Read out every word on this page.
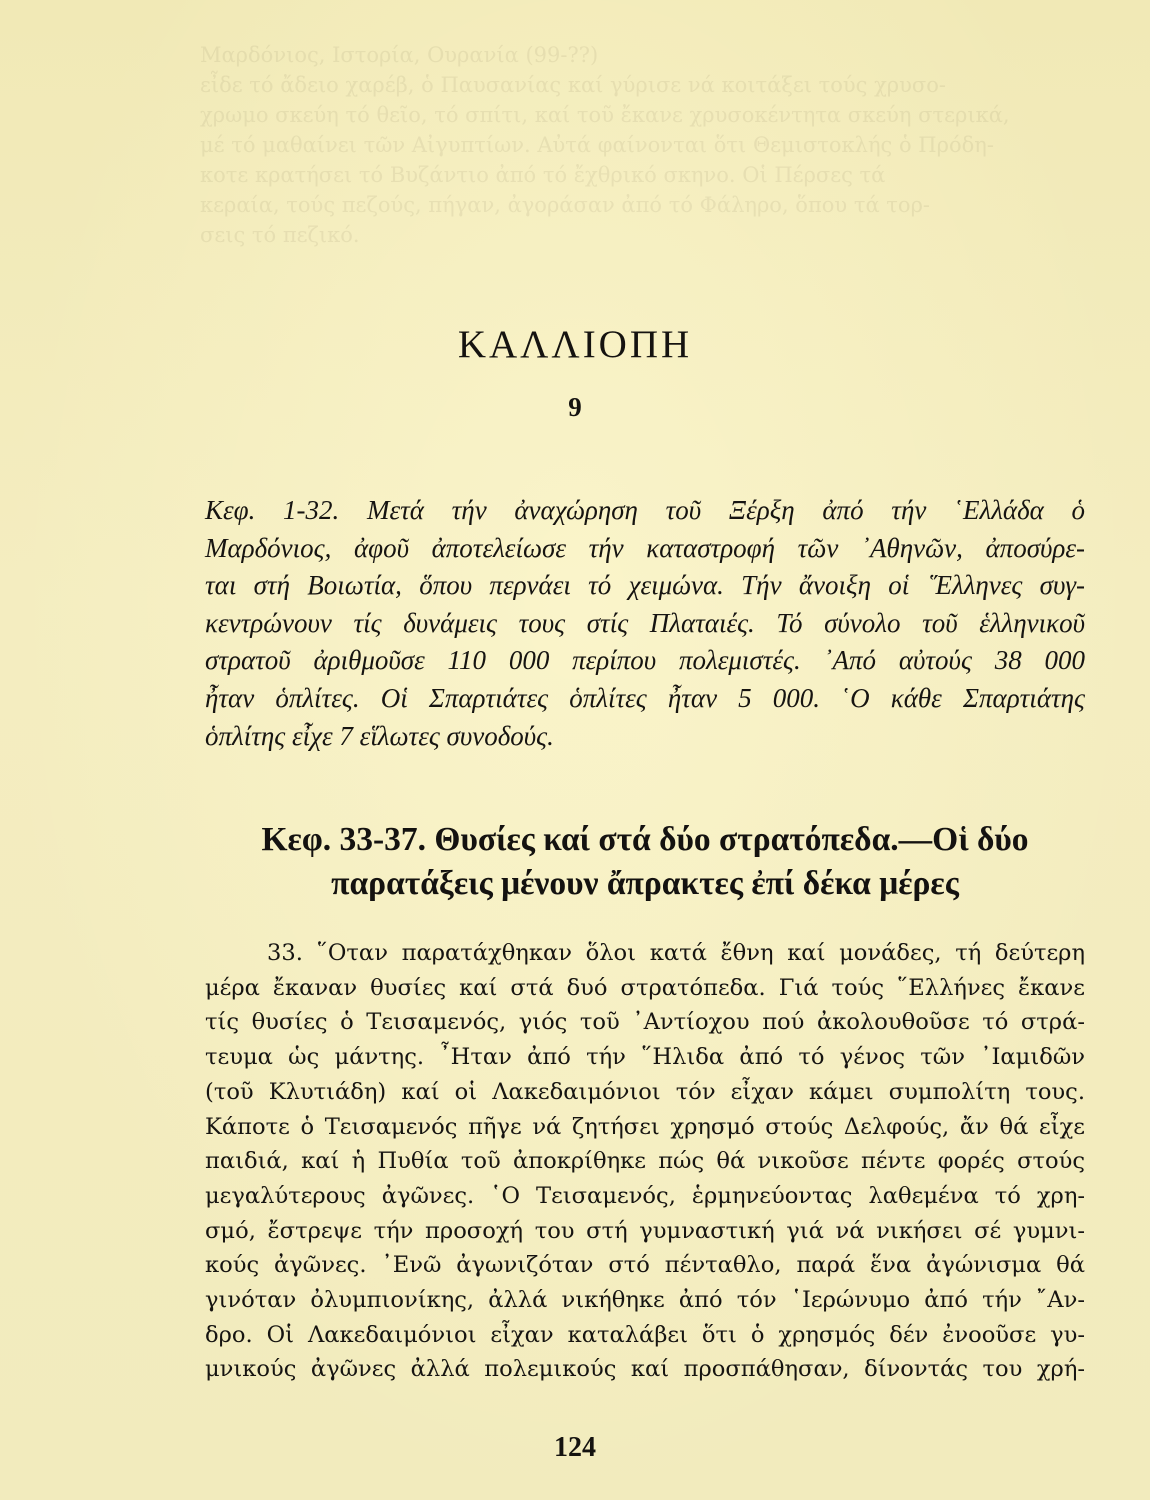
Μαρδόνιος, Ιστορία, Ουρανία (99-??)
εἶδε τό ἄδειο χαρέβ, ὁ Παυσανίας καί γύρισε νά κοιτάξει τούς χρυσο-
χρωμο σκεύη τό θεῖο, τό σπίτι, καί τοῦ ἔκανε χρυσοκέντητα σκεύη στερικά,
μέ τό μαθαίνει τῶν Αἰγυπτίων. Αὐτά φαίνονται ὅτι Θεμιστοκλής ὁ Πρόδη-
κοτε κρατήσει τό Βυζάντιο ἀπό τό ἔχθρικό σκηνο. Οἱ Πέρσες τά
κεραία, τούς πεζούς, πήγαν, ἀγοράσαν ἀπό τό Φάληρο, ὅπου τά τορ-
σεις τό πεζικό.
ΚΑΛΛΙΟΠΗ
9
Κεφ. 1-32. Μετά τήν ἀναχώρηση τοῦ Ξέρξη ἀπό τήν ῾Ελλάδα ὁ
Μαρδόνιος, ἀφοῦ ἀποτελείωσε τήν καταστροφή τῶν ᾿Αθηνῶν, ἀποσύρε-
ται στή Βοιωτία, ὅπου περνάει τό χειμώνα. Τήν ἄνοιξη οἱ ῞Ελληνες συγ-
κεντρώνουν τίς δυνάμεις τους στίς Πλαταιές. Τό σύνολο τοῦ ἑλληνικοῦ
στρατοῦ ἀριθμοῦσε 110 000 περίπου πολεμιστές. ᾿Από αὐτούς 38 000
ἦταν ὁπλίτες. Οἱ Σπαρτιάτες ὁπλίτες ἦταν 5 000. ῾Ο κάθε Σπαρτιάτης
ὁπλίτης εἶχε 7 εἵλωτες συνοδούς.
Κεφ. 33-37. Θυσίες καί στά δύο στρατόπεδα.—Οἱ δύο
παρατάξεις μένουν ἄπρακτες ἐπί δέκα μέρες
33. ῞Οταν παρατάχθηκαν ὅλοι κατά ἔθνη καί μονάδες, τή δεύτερη
μέρα ἔκαναν θυσίες καί στά δυό στρατόπεδα. Γιά τούς ῞Ελλήνες ἔκανε
τίς θυσίες ὁ Τεισαμενός, γιός τοῦ ᾿Αντίοχου πού ἀκολουθοῦσε τό στρά-
τευμα ὡς μάντης. ῏Ηταν ἀπό τήν ῞Ηλιδα ἀπό τό γένος τῶν ᾿Ιαμιδῶν
(τοῦ Κλυτιάδη) καί οἱ Λακεδαιμόνιοι τόν εἶχαν κάμει συμπολίτη τους.
Κάποτε ὁ Τεισαμενός πῆγε νά ζητήσει χρησμό στούς Δελφούς, ἄν θά εἶχε
παιδιά, καί ἡ Πυθία τοῦ ἀποκρίθηκε πώς θά νικοῦσε πέντε φορές στούς
μεγαλύτερους ἀγῶνες. ῾Ο Τεισαμενός, ἑρμηνεύοντας λαθεμένα τό χρη-
σμό, ἔστρεψε τήν προσοχή του στή γυμναστική γιά νά νικήσει σέ γυμνι-
κούς ἀγῶνες. ᾿Ενῶ ἀγωνιζόταν στό πένταθλο, παρά ἕνα ἀγώνισμα θά
γινόταν ὀλυμπιονίκης, ἀλλά νικήθηκε ἀπό τόν ῾Ιερώνυμο ἀπό τήν ῎Αν-
δρο. Οἱ Λακεδαιμόνιοι εἶχαν καταλάβει ὅτι ὁ χρησμός δέν ἐνοοῦσε γυ-
μνικούς ἀγῶνες ἀλλά πολεμικούς καί προσπάθησαν, δίνοντάς του χρή-
124
